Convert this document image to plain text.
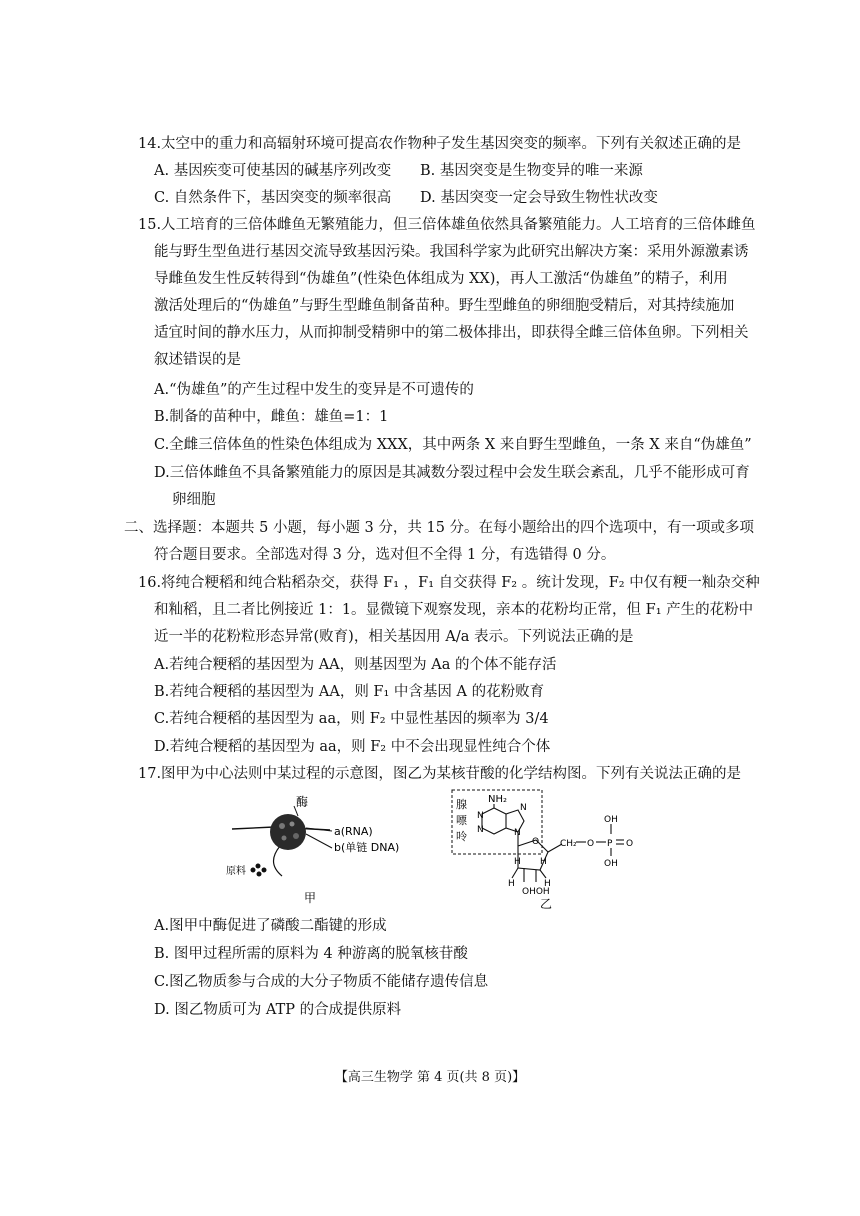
14.太空中的重力和高辐射环境可提高农作物种子发生基因突变的频率。下列有关叙述正确的是
A. 基因疾变可使基因的碱基序列改变 B. 基因突变是生物变异的唯一来源
C. 自然条件下，基因突变的频率很高 D. 基因突变一定会导致生物性状改变
15.人工培育的三倍体雌鱼无繁殖能力，但三倍体雄鱼依然具备繁殖能力。人工培育的三倍体雌鱼
能与野生型鱼进行基因交流导致基因污染。我国科学家为此研究出解决方案：采用外源激素诱
导雌鱼发生性反转得到“伪雄鱼”(性染色体组成为 XX)，再人工激活“伪雄鱼”的精子，利用
激活处理后的“伪雄鱼”与野生型雌鱼制备苗种。野生型雌鱼的卵细胞受精后，对其持续施加
适宜时间的静水压力，从而抑制受精卵中的第二极体排出，即获得全雌三倍体鱼卵。下列相关
叙述错误的是
A.“伪雄鱼”的产生过程中发生的变异是不可遗传的
B.制备的苗种中，雌鱼：雄鱼=1：1
C.全雌三倍体鱼的性染色体组成为 XXX，其中两条 X 来自野生型雌鱼，一条 X 来自“伪雄鱼”
D.三倍体雌鱼不具备繁殖能力的原因是其减数分裂过程中会发生联会紊乱，几乎不能形成可育
卵细胞
二、选择题：本题共 5 小题，每小题 3 分，共 15 分。在每小题给出的四个选项中，有一项或多项
符合题目要求。全部选对得 3 分，选对但不全得 1 分，有选错得 0 分。
16.将纯合粳稻和纯合粘稻杂交，获得 F₁ ，F₁ 自交获得 F₂ 。统计发现，F₂ 中仅有粳一籼杂交种
和籼稻，且二者比例接近 1：1。显微镜下观察发现，亲本的花粉均正常，但 F₁ 产生的花粉中
近一半的花粉粒形态异常(败育)，相关基因用 A/a 表示。下列说法正确的是
A.若纯合粳稻的基因型为 AA，则基因型为 Aa 的个体不能存活
B.若纯合粳稻的基因型为 AA，则 F₁ 中含基因 A 的花粉败育
C.若纯合粳稻的基因型为 aa，则 F₂ 中显性基因的频率为 3/4
D.若纯合粳稻的基因型为 aa，则 F₂ 中不会出现显性纯合个体
17.图甲为中心法则中某过程的示意图，图乙为某核苷酸的化学结构图。下列有关说法正确的是
酶
a(RNA)
b(单链 DNA)
原料
甲
腺
嘌
呤
NH₂
N
N
N
N
O
H	H
H H
OHOH
CH₂ O P
OH
O
OH
乙
A.图甲中酶促进了磷酸二酯键的形成
B. 图甲过程所需的原料为 4 种游离的脱氧核苷酸
C.图乙物质参与合成的大分子物质不能储存遗传信息
D. 图乙物质可为 ATP 的合成提供原料
【高三生物学 第 4 页(共 8 页)】
